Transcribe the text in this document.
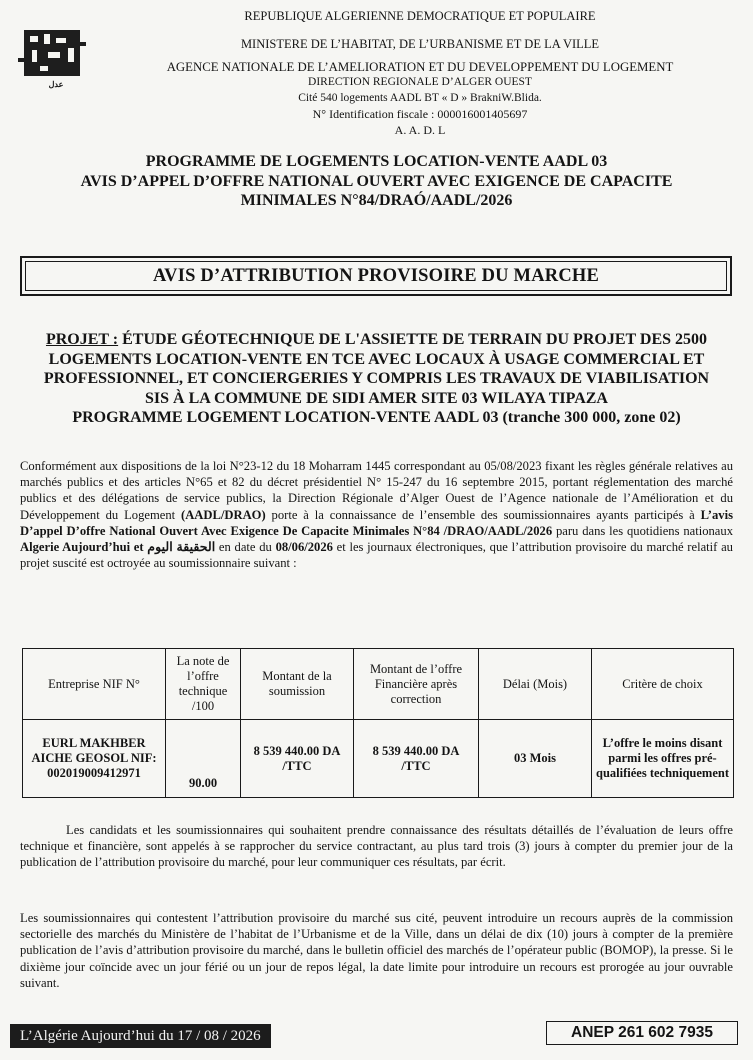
عدل
REPUBLIQUE ALGERIENNE DEMOCRATIQUE ET POPULAIRE
MINISTERE DE L’HABITAT, DE L’URBANISME ET DE LA VILLE
AGENCE NATIONALE DE L’AMELIORATION ET DU DEVELOPPEMENT DU LOGEMENT
DIRECTION REGIONALE D’ALGER OUEST
Cité 540 logements AADL BT « D » BrakniW.Blida.
N° Identification fiscale : 000016001405697
A. A. D. L
PROGRAMME DE LOGEMENTS LOCATION-VENTE AADL 03
AVIS D’APPEL D’OFFRE NATIONAL OUVERT AVEC EXIGENCE DE CAPACITE
MINIMALES N°84/DRAÓ/AADL/2026
AVIS D’ATTRIBUTION PROVISOIRE DU MARCHE
PROJET : ÉTUDE GÉOTECHNIQUE DE L'ASSIETTE DE TERRAIN DU PROJET DES 2500
LOGEMENTS LOCATION-VENTE EN TCE AVEC LOCAUX À USAGE COMMERCIAL ET
PROFESSIONNEL, ET CONCIERGERIES Y COMPRIS LES TRAVAUX DE VIABILISATION
SIS À LA COMMUNE DE SIDI AMER SITE 03 WILAYA TIPAZA
PROGRAMME LOGEMENT LOCATION-VENTE AADL 03 (tranche 300 000, zone 02)
Conformément aux dispositions de la loi N°23-12 du 18 Moharram 1445 correspondant au 05/08/2023 fixant les règles générale relatives au marchés publics et des articles N°65 et 82 du décret présidentiel N° 15-247 du 16 septembre 2015, portant réglementation des marché publics et des délégations de service publics, la Direction Régionale d’Alger Ouest de l’Agence nationale de l’Amélioration et du Développement du Logement (AADL/DRAO) porte à la connaissance de l’ensemble des soumissionnaires ayants participés à L’avis D’appel D’offre National Ouvert Avec Exigence De Capacite Minimales N°84 /DRAO/AADL/2026 paru dans les quotidiens nationaux Algerie Aujourd’hui et الحقيقة اليوم en date du 08/06/2026 et les journaux électroniques, que l’attribution provisoire du marché relatif au projet suscité est octroyée au soumissionnaire suivant :
Entreprise NIF N°	La note de l’offre technique /100	Montant de la soumission	Montant de l’offre Financière après correction	Délai (Mois)	Critère de choix
EURL MAKHBER AICHE GEOSOL NIF: 002019009412971	90.00	8 539 440.00 DA /TTC	8 539 440.00 DA /TTC	03 Mois	L’offre le moins disant parmi les offres pré-qualifiées techniquement
Les candidats et les soumissionnaires qui souhaitent prendre connaissance des résultats détaillés de l’évaluation de leurs offre technique et financière, sont appelés à se rapprocher du service contractant, au plus tard trois (3) jours à compter du premier jour de la publication de l’attribution provisoire du marché, pour leur communiquer ces résultats, par écrit.
Les soumissionnaires qui contestent l’attribution provisoire du marché sus cité, peuvent introduire un recours auprès de la commission sectorielle des marchés du Ministère de l’habitat de l’Urbanisme et de la Ville, dans un délai de dix (10) jours à compter de la première publication de l’avis d’attribution provisoire du marché, dans le bulletin officiel des marchés de l’opérateur public (BOMOP), la presse. Si le dixième jour coïncide avec un jour férié ou un jour de repos légal, la date limite pour introduire un recours est prorogée au jour ouvrable suivant.
L’Algérie Aujourd’hui du 17 / 08 / 2026	ANEP 261 602 7935
